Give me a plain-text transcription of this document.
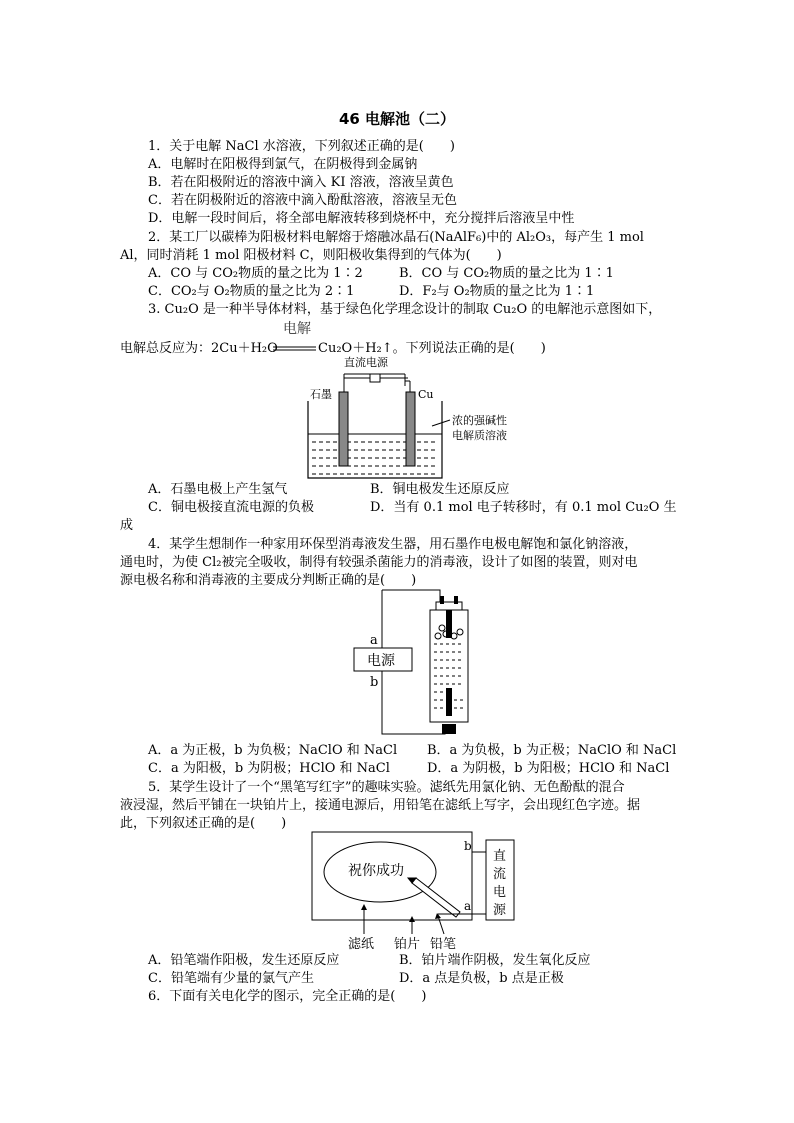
46 电解池（二）
1．关于电解 NaCl 水溶液，下列叙述正确的是(　　)
A．电解时在阳极得到氯气，在阴极得到金属钠
B．若在阳极附近的溶液中滴入 KI 溶液，溶液呈黄色
C．若在阴极附近的溶液中滴入酚酞溶液，溶液呈无色
D．电解一段时间后，将全部电解液转移到烧杯中，充分搅拌后溶液呈中性
2．某工厂以碳棒为阳极材料电解熔于熔融冰晶石(NaAlF₆)中的 Al₂O₃，每产生 1 mol
Al，同时消耗 1 mol 阳极材料 C，则阳极收集得到的气体为(　　)
A．CO 与 CO₂物质的量之比为 1∶2	B．CO 与 CO₂物质的量之比为 1∶1
C．CO₂与 O₂物质的量之比为 2∶1	D．F₂与 O₂物质的量之比为 1∶1
3. Cu₂O 是一种半导体材料，基于绿色化学理念设计的制取 Cu₂O 的电解池示意图如下，
电解
电解总反应为：2Cu＋H₂O	Cu₂O＋H₂↑。下列说法正确的是(　　)
直流电源
石墨	Cu
浓的强碱性
电解质溶液
A．石墨电极上产生氢气	B．铜电极发生还原反应
C．铜电极接直流电源的负极	D．当有 0.1 mol 电子转移时，有 0.1 mol Cu₂O 生
成
4．某学生想制作一种家用环保型消毒液发生器，用石墨作电极电解饱和氯化钠溶液，
通电时，为使 Cl₂被完全吸收，制得有较强杀菌能力的消毒液，设计了如图的装置，则对电
源电极名称和消毒液的主要成分判断正确的是(　　)
a
b
电源
A．a 为正极，b 为负极；NaClO 和 NaCl B．a 为负极，b 为正极；NaClO 和 NaCl
C．a 为阳极，b 为阴极；HClO 和 NaCl	D．a 为阴极，b 为阳极；HClO 和 NaCl
5．某学生设计了一个“黑笔写红字”的趣味实验。滤纸先用氯化钠、无色酚酞的混合
液浸湿，然后平铺在一块铂片上，接通电源后，用铅笔在滤纸上写字，会出现红色字迹。据
此，下列叙述正确的是(　　)
祝你成功
b
a
直
流
电
源
滤纸 铂片 铅笔
A．铅笔端作阳极，发生还原反应	B．铂片端作阴极，发生氧化反应
C．铅笔端有少量的氯气产生	D．a 点是负极，b 点是正极
6．下面有关电化学的图示，完全正确的是(　　)
